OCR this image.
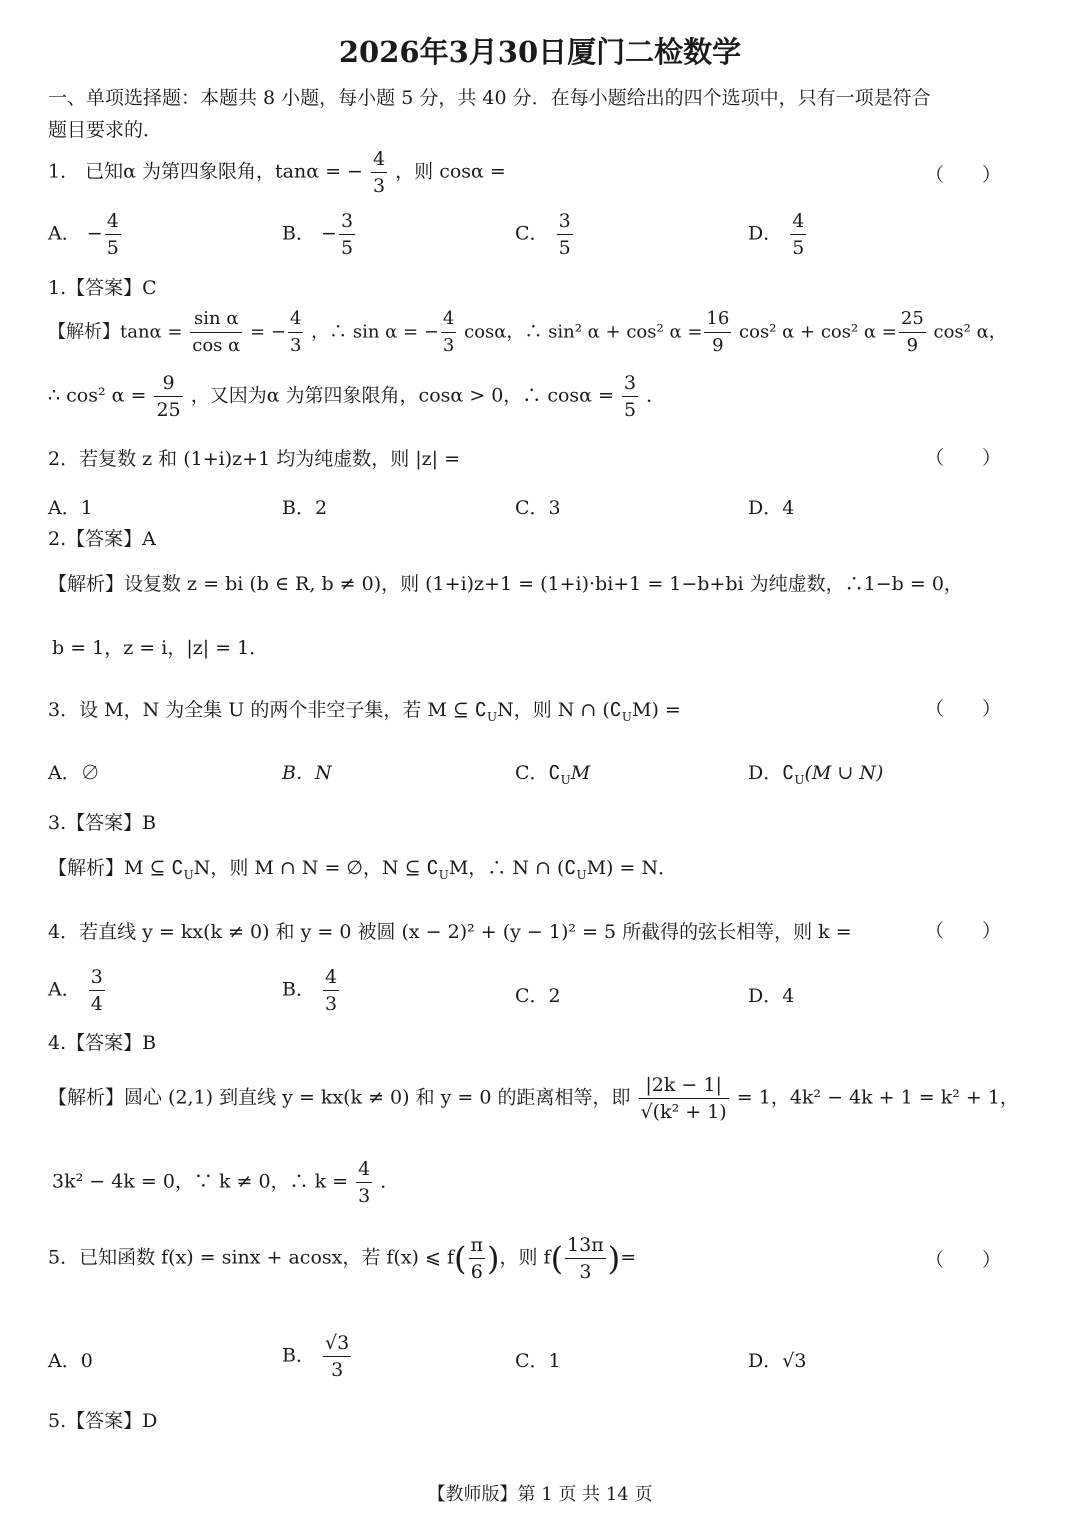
2026年3月30日厦门二检数学
一、单项选择题：本题共 8 小题，每小题 5 分，共 40 分．在每小题给出的四个选项中，只有一项是符合
题目要求的．
1． 已知α 为第四象限角，tanα = − $\frac{4}{3}$ ，则 cosα =	（　　）
A． − $\frac{4}{5}$	B． − $\frac{3}{5}$	C． $\frac{3}{5}$	D． $\frac{4}{5}$
1.【答案】C
【解析】$\tan\alpha = \frac{\text{sin α}}{\text{cos α}}$ = − $\frac{4}{3}$ ，∴ sin α = − $\frac{4}{3}$ cosα，∴ sin² α + cos² $\alpha = \frac{16}{9} \cos^2$ α + cos² $\alpha = \frac{25}{9} \cos^2$ α，
∴ cos² $\alpha = \frac{9}{25}$ ，又因为α 为第四象限角，cosα > 0，∴ $\cos\alpha = \frac{3}{5}$ ．
2．若复数 z 和 (1+i)z+1 均为纯虚数，则 |z| =	（　　）
A．1	B．2	C．3	D．4
2.【答案】A
【解析】设复数 z = bi (b ∈ R, b ≠ 0)，则 (1+i)z+1 = (1+i)·bi+1 = 1−b+bi 为纯虚数，∴1−b = 0，
b = 1，z = i，|z| = 1．
3．设 M，N 为全集 U 的两个非空子集，若 M ⊆ $∁_UN$，则 N ∩ $(∁_UM)$ =	（　　）
A．∅	B．N	C．$∁_UM$	D．$∁_U(M$ ∪ N)
3.【答案】B
【解析】M ⊆ $∁_UN$，则 M ∩ N = ∅，N ⊆ $∁_UM$，∴ N ∩ $(∁_UM) = N$．
4．若直线 y = kx(k ≠ 0) 和 y = 0 被圆 (x − 2)² + (y − 1)² = 5 所截得的弦长相等，则 k =	（　　）
A． $\frac{3}{4}$	B． $\frac{4}{3}$	C．2	D．4
4.【答案】B
【解析】圆心 (2,1) 到直线 y = kx(k ≠ 0) 和 y = 0 的距离相等，即 $\frac{|2k - 1|}{\text{√(k² + 1)}} = 1$，4k² − 4k + 1 = k² + 1，
3k² − 4k = 0，∵ k ≠ 0，∴ $k = \frac{4}{3}$ ．
5．已知函数 f(x) = sinx + acosx，若 f(x) ⩽ $f( \frac{\pi}{6}$ )，则 $f( \frac{13\pi}{3}$ )=	（　　）
A．0	B． $\frac{√3}{3}$	C．1	D．√3
5.【答案】D
【教师版】第 1 页 共 14 页
